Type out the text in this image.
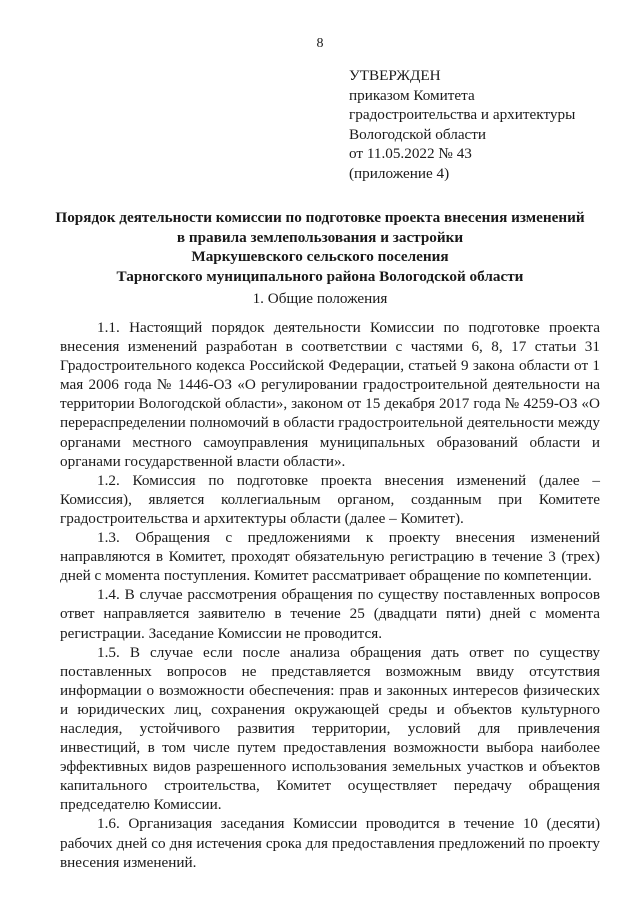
8
УТВЕРЖДЕН
приказом Комитета
градостроительства и архитектуры
Вологодской области
от 11.05.2022 № 43
(приложение 4)
Порядок деятельности комиссии по подготовке проекта внесения изменений
в правила землепользования и застройки
Маркушевского сельского поселения
Тарногского муниципального района Вологодской области
1. Общие положения

1.1. Настоящий порядок деятельности Комиссии по подготовке проекта внесения изменений разработан в соответствии с частями 6, 8, 17 статьи 31 Градостроительного кодекса Российской Федерации, статьей 9 закона области от 1 мая 2006 года № 1446-ОЗ «О регулировании градостроительной деятельности на территории Вологодской области», законом от 15 декабря 2017 года № 4259-ОЗ «О перераспределении полномочий в области градостроительной деятельности между органами местного самоуправления муниципальных образований области и органами государственной власти области».

1.2. Комиссия по подготовке проекта внесения изменений (далее – Комиссия), является коллегиальным органом, созданным при Комитете градостроительства и архитектуры области (далее – Комитет).

1.3. Обращения с предложениями к проекту внесения изменений направляются в Комитет, проходят обязательную регистрацию в течение 3 (трех) дней с момента поступления. Комитет рассматривает обращение по компетенции.

1.4. В случае рассмотрения обращения по существу поставленных вопросов ответ направляется заявителю в течение 25 (двадцати пяти) дней с момента регистрации. Заседание Комиссии не проводится.

1.5. В случае если после анализа обращения дать ответ по существу поставленных вопросов не представляется возможным ввиду отсутствия информации о возможности обеспечения: прав и законных интересов физических и юридических лиц, сохранения окружающей среды и объектов культурного наследия, устойчивого развития территории, условий для привлечения инвестиций, в том числе путем предоставления возможности выбора наиболее эффективных видов разрешенного использования земельных участков и объектов капитального строительства, Комитет осуществляет передачу обращения председателю Комиссии.

1.6. Организация заседания Комиссии проводится в течение 10 (десяти) рабочих дней со дня истечения срока для предоставления предложений по проекту внесения изменений.
